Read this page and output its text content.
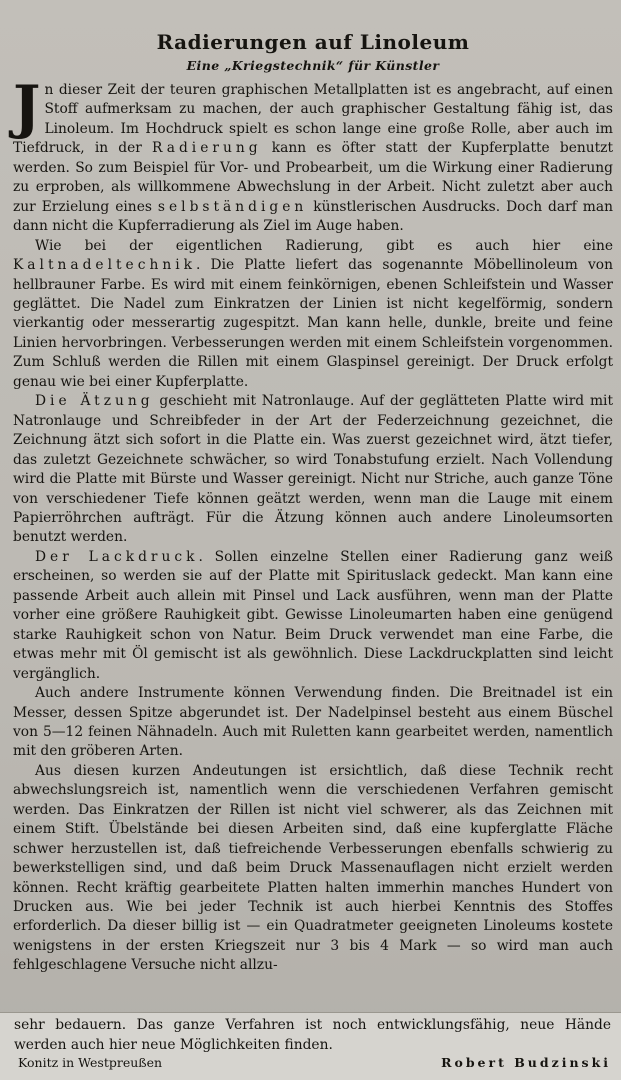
Radierungen auf Linoleum
Eine „Kriegstechnik“ für Künstler

Jn dieser Zeit der teuren graphischen Metallplatten ist es angebracht, auf einen Stoff aufmerksam zu machen, der auch graphischer Gestaltung fähig ist, das Linoleum. Im Hochdruck spielt es schon lange eine große Rolle, aber auch im Tiefdruck, in der Radierung kann es öfter statt der Kupferplatte benutzt werden. So zum Beispiel für Vor- und Probearbeit, um die Wirkung einer Radierung zu erproben, als willkommene Abwechslung in der Arbeit. Nicht zuletzt aber auch zur Erzielung eines selbständigen künstlerischen Ausdrucks. Doch darf man dann nicht die Kupferradierung als Ziel im Auge haben.

Wie bei der eigentlichen Radierung, gibt es auch hier eine Kaltnadeltechnik. Die Platte liefert das sogenannte Möbellinoleum von hellbrauner Farbe. Es wird mit einem feinkörnigen, ebenen Schleifstein und Wasser geglättet. Die Nadel zum Einkratzen der Linien ist nicht kegelförmig, sondern vierkantig oder messerartig zugespitzt. Man kann helle, dunkle, breite und feine Linien hervorbringen. Verbesserungen werden mit einem Schleifstein vorgenommen. Zum Schluß werden die Rillen mit einem Glaspinsel gereinigt. Der Druck erfolgt genau wie bei einer Kupferplatte.

Die Ätzung geschieht mit Natronlauge. Auf der geglätteten Platte wird mit Natronlauge und Schreibfeder in der Art der Federzeichnung gezeichnet, die Zeichnung ätzt sich sofort in die Platte ein. Was zuerst gezeichnet wird, ätzt tiefer, das zuletzt Gezeichnete schwächer, so wird Tonabstufung erzielt. Nach Vollendung wird die Platte mit Bürste und Wasser gereinigt. Nicht nur Striche, auch ganze Töne von verschiedener Tiefe können geätzt werden, wenn man die Lauge mit einem Papierröhrchen aufträgt. Für die Ätzung können auch andere Linoleumsorten benutzt werden.

Der Lackdruck. Sollen einzelne Stellen einer Radierung ganz weiß erscheinen, so werden sie auf der Platte mit Spirituslack gedeckt. Man kann eine passende Arbeit auch allein mit Pinsel und Lack ausführen, wenn man der Platte vorher eine größere Rauhigkeit gibt. Gewisse Linoleumarten haben eine genügend starke Rauhigkeit schon von Natur. Beim Druck verwendet man eine Farbe, die etwas mehr mit Öl gemischt ist als gewöhnlich. Diese Lackdruckplatten sind leicht vergänglich.

Auch andere Instrumente können Verwendung finden. Die Breitnadel ist ein Messer, dessen Spitze abgerundet ist. Der Nadelpinsel besteht aus einem Büschel von 5—12 feinen Nähnadeln. Auch mit Ruletten kann gearbeitet werden, namentlich mit den gröberen Arten.

Aus diesen kurzen Andeutungen ist ersichtlich, daß diese Technik recht abwechslungsreich ist, namentlich wenn die verschiedenen Verfahren gemischt werden. Das Einkratzen der Rillen ist nicht viel schwerer, als das Zeichnen mit einem Stift. Übelstände bei diesen Arbeiten sind, daß eine kupferglatte Fläche schwer herzustellen ist, daß tiefreichende Verbesserungen ebenfalls schwierig zu bewerkstelligen sind, und daß beim Druck Massenauflagen nicht erzielt werden können. Recht kräftig gearbeitete Platten halten immerhin manches Hundert von Drucken aus. Wie bei jeder Technik ist auch hierbei Kenntnis des Stoffes erforderlich. Da dieser billig ist — ein Quadratmeter geeigneten Linoleums kostete wenigstens in der ersten Kriegszeit nur 3 bis 4 Mark — so wird man auch fehlgeschlagene Versuche nicht allzu-

sehr bedauern. Das ganze Verfahren ist noch entwicklungsfähig, neue Hände werden auch hier neue Möglichkeiten finden.

Konitz in Westpreußen	Robert Budzinski
